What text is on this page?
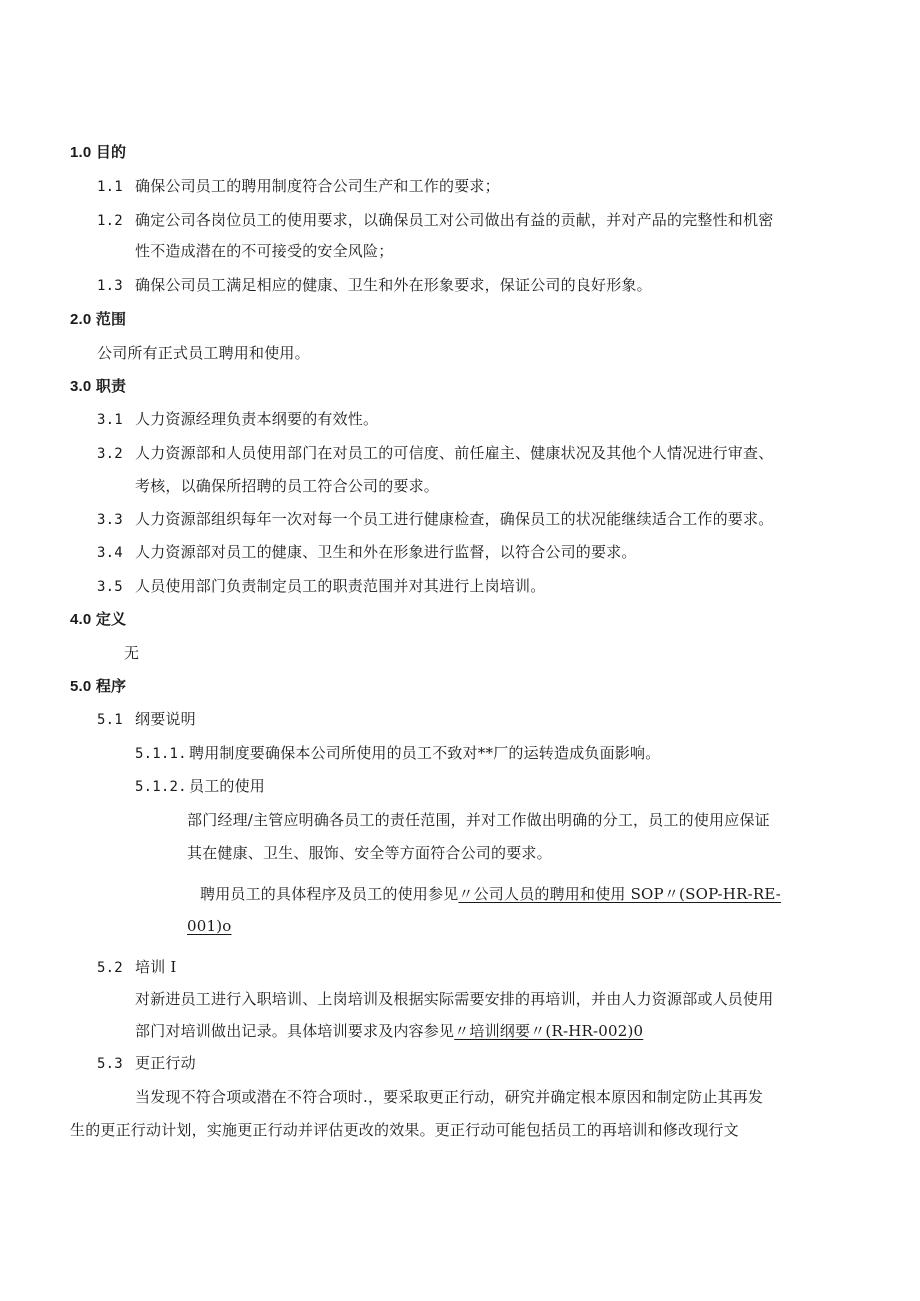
1.0 目的
1.1 确保公司员工的聘用制度符合公司生产和工作的要求；
1.2 确定公司各岗位员工的使用要求，以确保员工对公司做出有益的贡献，并对产品的完整性和机密
性不造成潜在的不可接受的安全风险；
1.3 确保公司员工满足相应的健康、卫生和外在形象要求，保证公司的良好形象。
2.0 范围
公司所有正式员工聘用和使用。
3.0 职责
3.1 人力资源经理负责本纲要的有效性。
3.2 人力资源部和人员使用部门在对员工的可信度、前任雇主、健康状况及其他个人情况进行审查、
考核，以确保所招聘的员工符合公司的要求。
3.3 人力资源部组织每年一次对每一个员工进行健康检查，确保员工的状况能继续适合工作的要求。
3.4 人力资源部对员工的健康、卫生和外在形象进行监督，以符合公司的要求。
3.5 人员使用部门负责制定员工的职责范围并对其进行上岗培训。
4.0 定义
无
5.0 程序
5.1 纲要说明
5.1.1. 聘用制度要确保本公司所使用的员工不致对**厂的运转造成负面影响。
5.1.2. 员工的使用
部门经理/主管应明确各员工的责任范围，并对工作做出明确的分工，员工的使用应保证
其在健康、卫生、服饰、安全等方面符合公司的要求。
聘用员工的具体程序及员工的使用参见〃公司人员的聘用和使用 SOP〃(SOP-HR-RE-
001)o
5.2 培训 I
对新进员工进行入职培训、上岗培训及根据实际需要安排的再培训，并由人力资源部或人员使用
部门对培训做出记录。具体培训要求及内容参见〃培训纲要〃(R-HR-002)0
5.3 更正行动
当发现不符合项或潜在不符合项时.，要采取更正行动，研究并确定根本原因和制定防止其再发
生的更正行动计划，实施更正行动并评估更改的效果。更正行动可能包括员工的再培训和修改现行文
